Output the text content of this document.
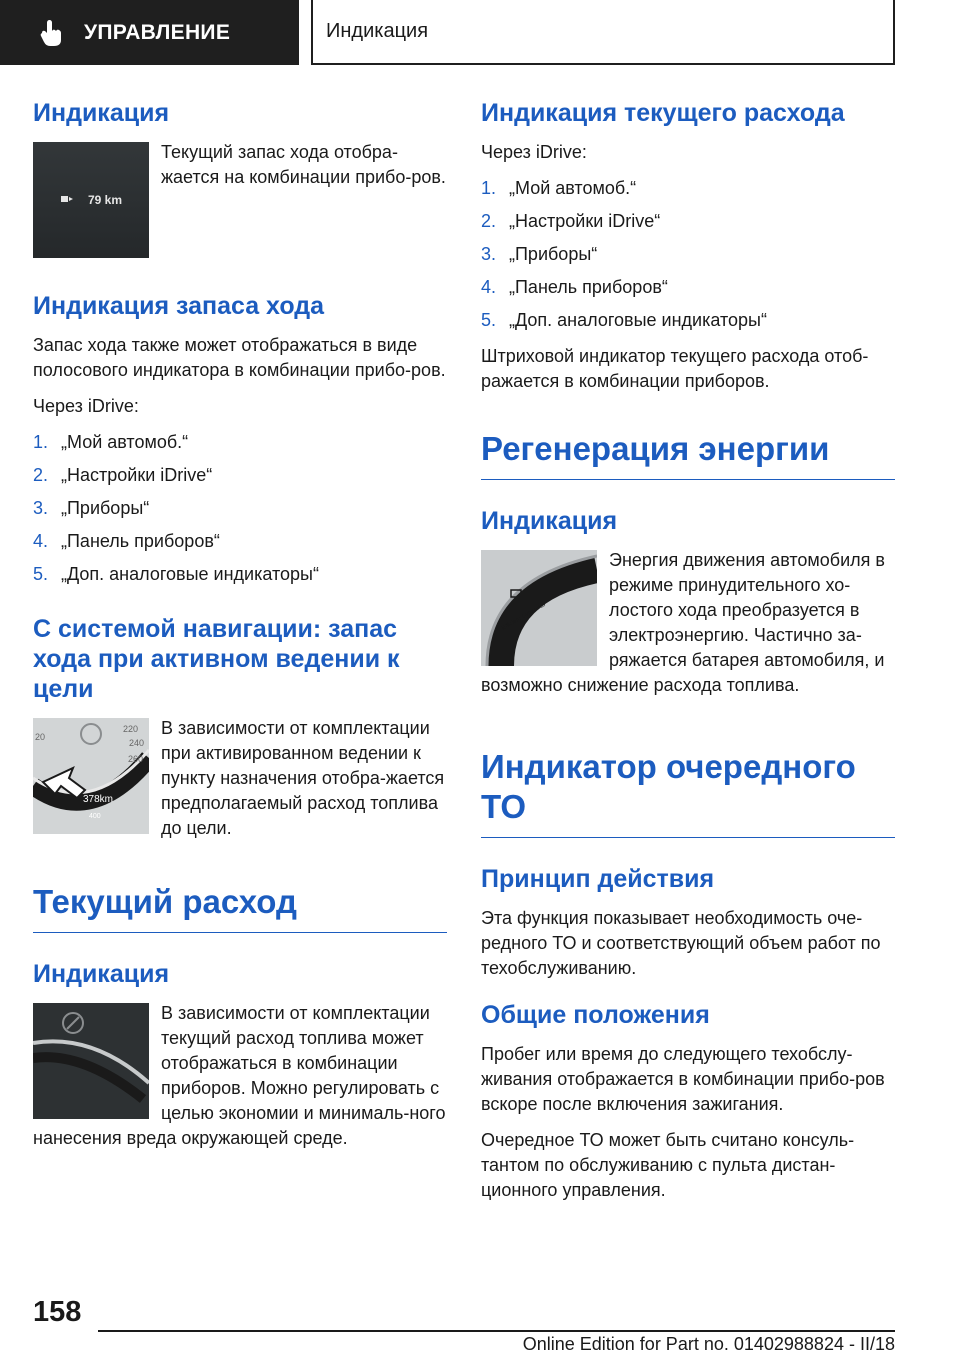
УПРАВЛЕНИЕ	Индикация
Индикация
79 km

Текущий запас хода отобра-жается на комбинации прибо-ров.

Индикация запаса хода

Запас хода также может отображаться в виде полосового индикатора в комбинации прибо-ров.

Через iDrive:

1. „Мой автомоб.“
2. „Настройки iDrive“
3. „Приборы“
4. „Панель приборов“
5. „Доп. аналоговые индикаторы“
С системой навигации: запас хода при активном ведении к цели
20
220
240
260
378km
400

В зависимости от комплектации при активированном ведении к пункту назначения отобра-жается предполагаемый расход топлива до цели.

Текущий расход
Индикация

В зависимости от комплектации текущий расход топлива может отображаться в комбинации приборов. Можно регулировать с целью экономии и минималь-ного нанесения вреда окружающей среде.

Индикация текущего расхода

Через iDrive:

1. „Мой автомоб.“
2. „Настройки iDrive“
3. „Приборы“
4. „Панель приборов“
5. „Доп. аналоговые индикаторы“

Штриховой индикатор текущего расхода отоб-ражается в комбинации приборов.

Регенерация энергии
Индикация
Efficient Dynamics

Энергия движения автомобиля в режиме принудительного хо-лостого хода преобразуется в электроэнергию. Частично за-ряжается батарея автомобиля, и возможно снижение расхода топлива.

Индикатор очередного ТО
Принцип действия

Эта функция показывает необходимость оче-редного ТО и соответствующий объем работ по техобслуживанию.

Общие положения

Пробег или время до следующего техобслу-живания отображается в комбинации прибо-ров вскоре после включения зажигания.

Очередное ТО может быть считано консуль-тантом по обслуживанию с пульта дистан-ционного управления.

158
Online Edition for Part no. 01402988824 - II/18
